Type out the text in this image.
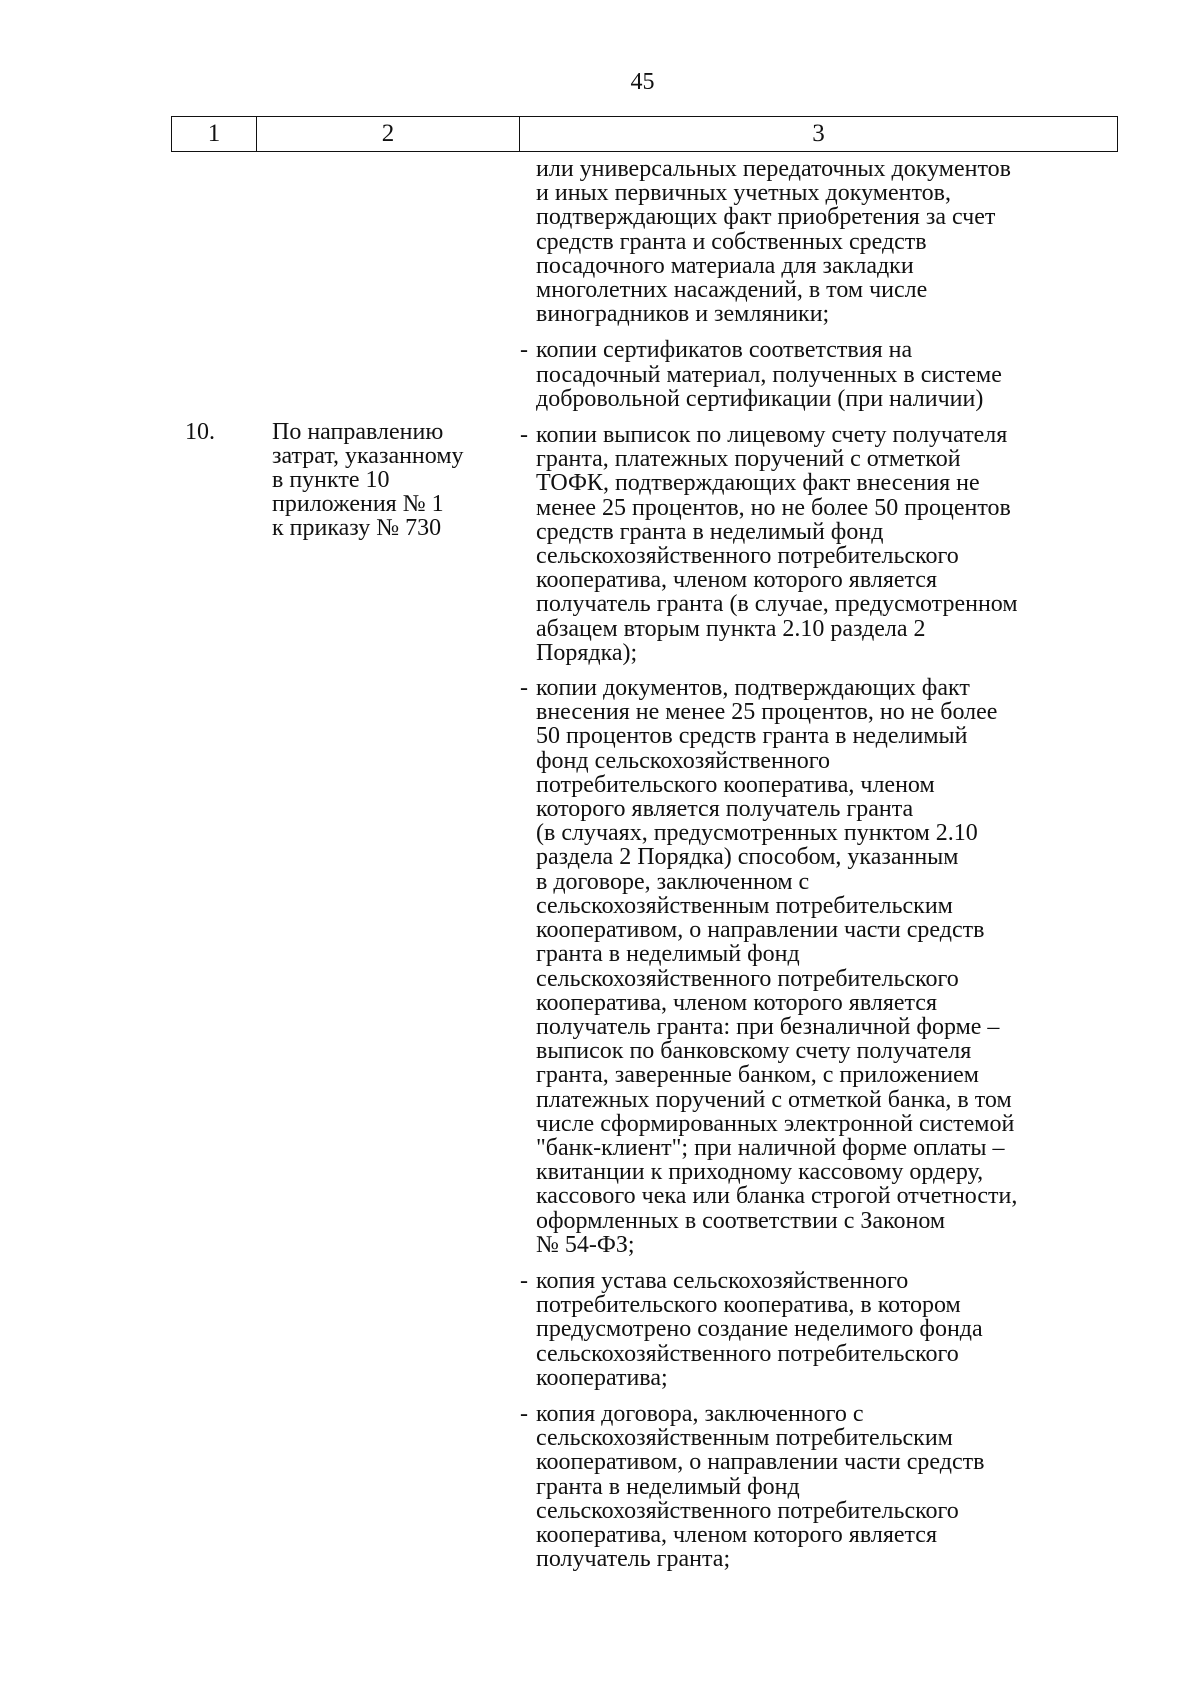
45
1	2	3
10. По направлению
затрат, указанному
в пункте 10
приложения № 1
к приказу № 730
или универсальных передаточных документов
и иных первичных учетных документов,
подтверждающих факт приобретения за счет
средств гранта и собственных средств
посадочного материала для закладки
многолетних насаждений, в том числе
виноградников и земляники;
- копии сертификатов соответствия на
посадочный материал, полученных в системе
добровольной сертификации (при наличии)
- копии выписок по лицевому счету получателя
гранта, платежных поручений с отметкой
ТОФК, подтверждающих факт внесения не
менее 25 процентов, но не более 50 процентов
средств гранта в неделимый фонд
сельскохозяйственного потребительского
кооператива, членом которого является
получатель гранта (в случае, предусмотренном
абзацем вторым пункта 2.10 раздела 2
Порядка);
- копии документов, подтверждающих факт
внесения не менее 25 процентов, но не более
50 процентов средств гранта в неделимый
фонд сельскохозяйственного
потребительского кооператива, членом
которого является получатель гранта
(в случаях, предусмотренных пунктом 2.10
раздела 2 Порядка) способом, указанным
в договоре, заключенном с
сельскохозяйственным потребительским
кооперативом, о направлении части средств
гранта в неделимый фонд
сельскохозяйственного потребительского
кооператива, членом которого является
получатель гранта: при безналичной форме –
выписок по банковскому счету получателя
гранта, заверенные банком, с приложением
платежных поручений с отметкой банка, в том
числе сформированных электронной системой
"банк-клиент"; при наличной форме оплаты –
квитанции к приходному кассовому ордеру,
кассового чека или бланка строгой отчетности,
оформленных в соответствии с Законом
№ 54-ФЗ;
- копия устава сельскохозяйственного
потребительского кооператива, в котором
предусмотрено создание неделимого фонда
сельскохозяйственного потребительского
кооператива;
- копия договора, заключенного с
сельскохозяйственным потребительским
кооперативом, о направлении части средств
гранта в неделимый фонд
сельскохозяйственного потребительского
кооператива, членом которого является
получатель гранта;
